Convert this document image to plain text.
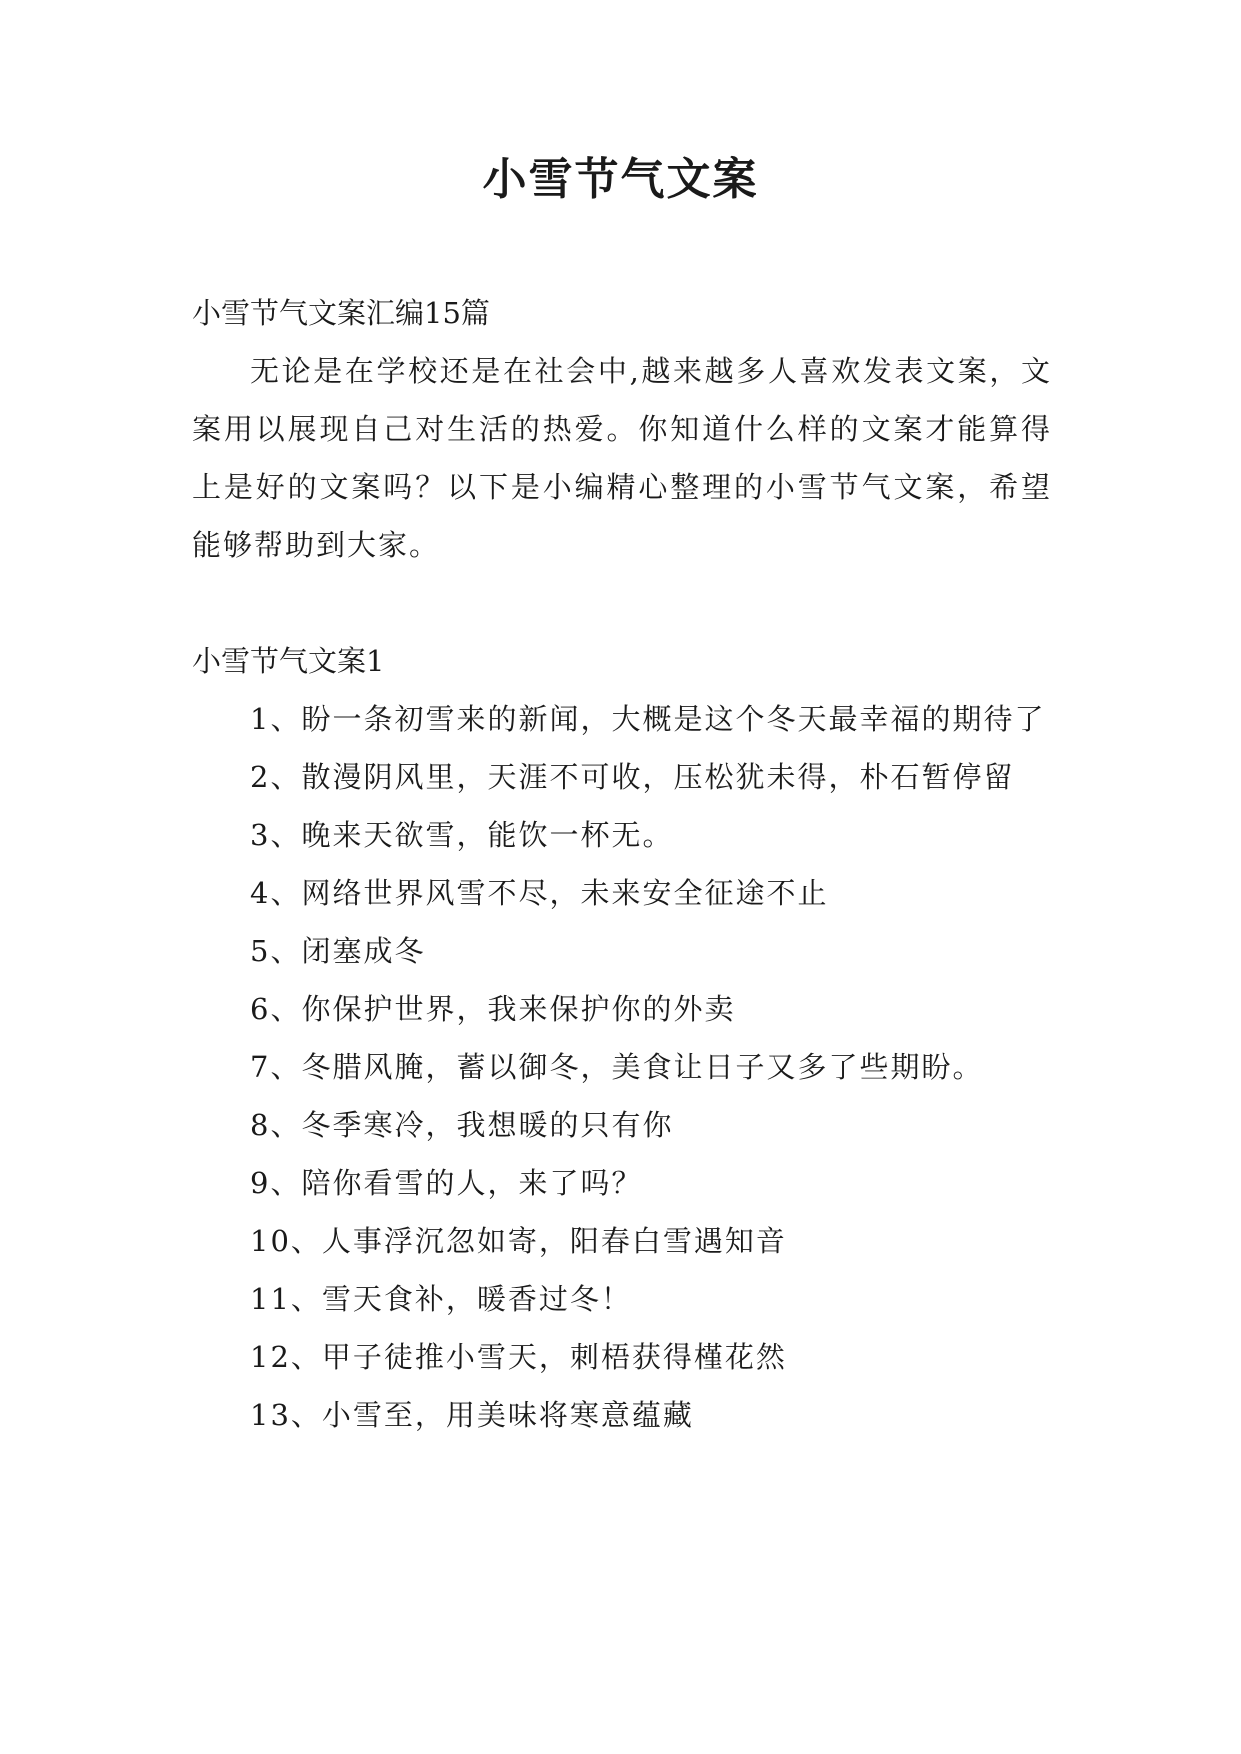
小雪节气文案

小雪节气文案汇编15篇

无论是在学校还是在社会中,越来越多人喜欢发表文案，文案用以展现自己对生活的热爱。你知道什么样的文案才能算得上是好的文案吗？以下是小编精心整理的小雪节气文案，希望能够帮助到大家。

小雪节气文案1

1、盼一条初雪来的新闻，大概是这个冬天最幸福的期待了

2、散漫阴风里，天涯不可收，压松犹未得，朴石暂停留

3、晚来天欲雪，能饮一杯无。

4、网络世界风雪不尽，未来安全征途不止

5、闭塞成冬

6、你保护世界，我来保护你的外卖

7、冬腊风腌，蓄以御冬，美食让日子又多了些期盼。

8、冬季寒冷，我想暖的只有你

9、陪你看雪的人，来了吗？

10、人事浮沉忽如寄，阳春白雪遇知音

11、雪天食补，暖香过冬！

12、甲子徒推小雪天，刺梧获得槿花然

13、小雪至，用美味将寒意蕴藏
